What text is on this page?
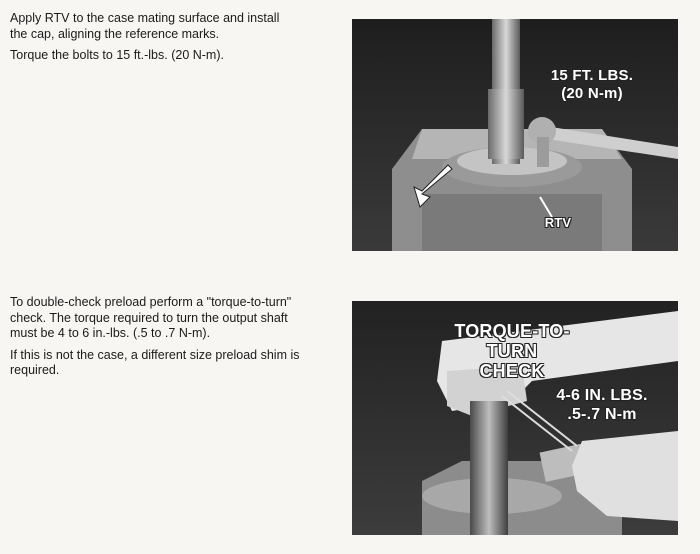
Apply RTV to the case mating surface and install the cap, aligning the reference marks.

Torque the bolts to 15 ft.-lbs. (20 N-m).

15 FT. LBS.
(20 N-m)
RTV

To double-check preload perform a "torque-to-turn" check. The torque required to turn the output shaft must be 4 to 6 in.-lbs. (.5 to .7 N-m).

If this is not the case, a different size preload shim is required.

TORQUE-TO-TURN
CHECK
4-6 IN. LBS.
.5-.7 N-m
